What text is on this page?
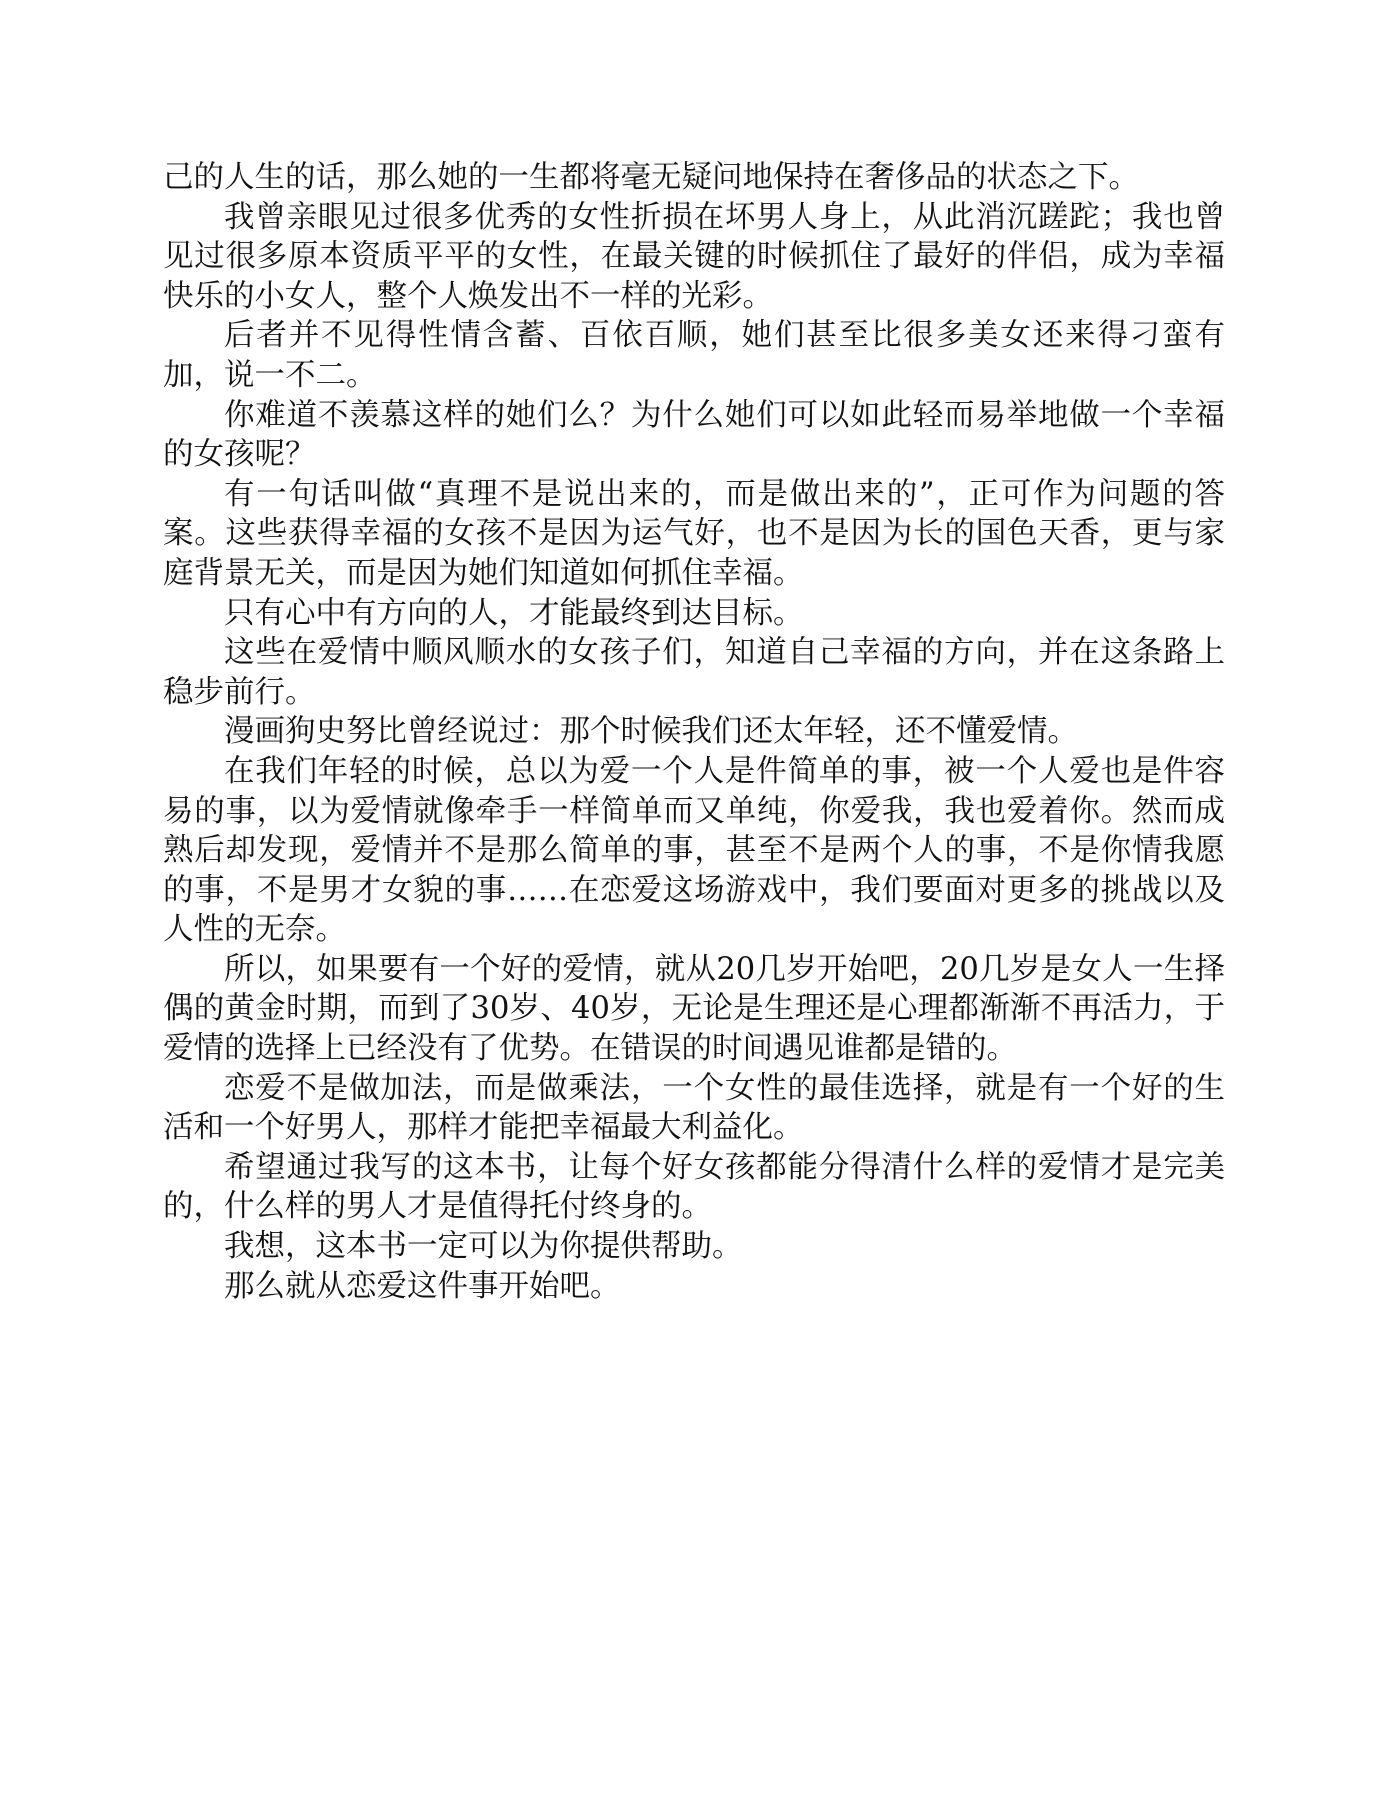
己的人生的话，那么她的一生都将毫无疑问地保持在奢侈品的状态之下。

我曾亲眼见过很多优秀的女性折损在坏男人身上，从此消沉蹉跎；我也曾见过很多原本资质平平的女性，在最关键的时候抓住了最好的伴侣，成为幸福快乐的小女人，整个人焕发出不一样的光彩。

后者并不见得性情含蓄、百依百顺，她们甚至比很多美女还来得刁蛮有加，说一不二。

你难道不羡慕这样的她们么？为什么她们可以如此轻而易举地做一个幸福的女孩呢？

有一句话叫做“真理不是说出来的，而是做出来的”，正可作为问题的答案。这些获得幸福的女孩不是因为运气好，也不是因为长的国色天香，更与家庭背景无关，而是因为她们知道如何抓住幸福。

只有心中有方向的人，才能最终到达目标。

这些在爱情中顺风顺水的女孩子们，知道自己幸福的方向，并在这条路上稳步前行。

漫画狗史努比曾经说过：那个时候我们还太年轻，还不懂爱情。

在我们年轻的时候，总以为爱一个人是件简单的事，被一个人爱也是件容易的事，以为爱情就像牵手一样简单而又单纯，你爱我，我也爱着你。然而成熟后却发现，爱情并不是那么简单的事，甚至不是两个人的事，不是你情我愿的事，不是男才女貌的事……在恋爱这场游戏中，我们要面对更多的挑战以及人性的无奈。

所以，如果要有一个好的爱情，就从20几岁开始吧，20几岁是女人一生择偶的黄金时期，而到了30岁、40岁，无论是生理还是心理都渐渐不再活力，于爱情的选择上已经没有了优势。在错误的时间遇见谁都是错的。

恋爱不是做加法，而是做乘法，一个女性的最佳选择，就是有一个好的生活和一个好男人，那样才能把幸福最大利益化。

希望通过我写的这本书，让每个好女孩都能分得清什么样的爱情才是完美的，什么样的男人才是值得托付终身的。

我想，这本书一定可以为你提供帮助。

那么就从恋爱这件事开始吧。
